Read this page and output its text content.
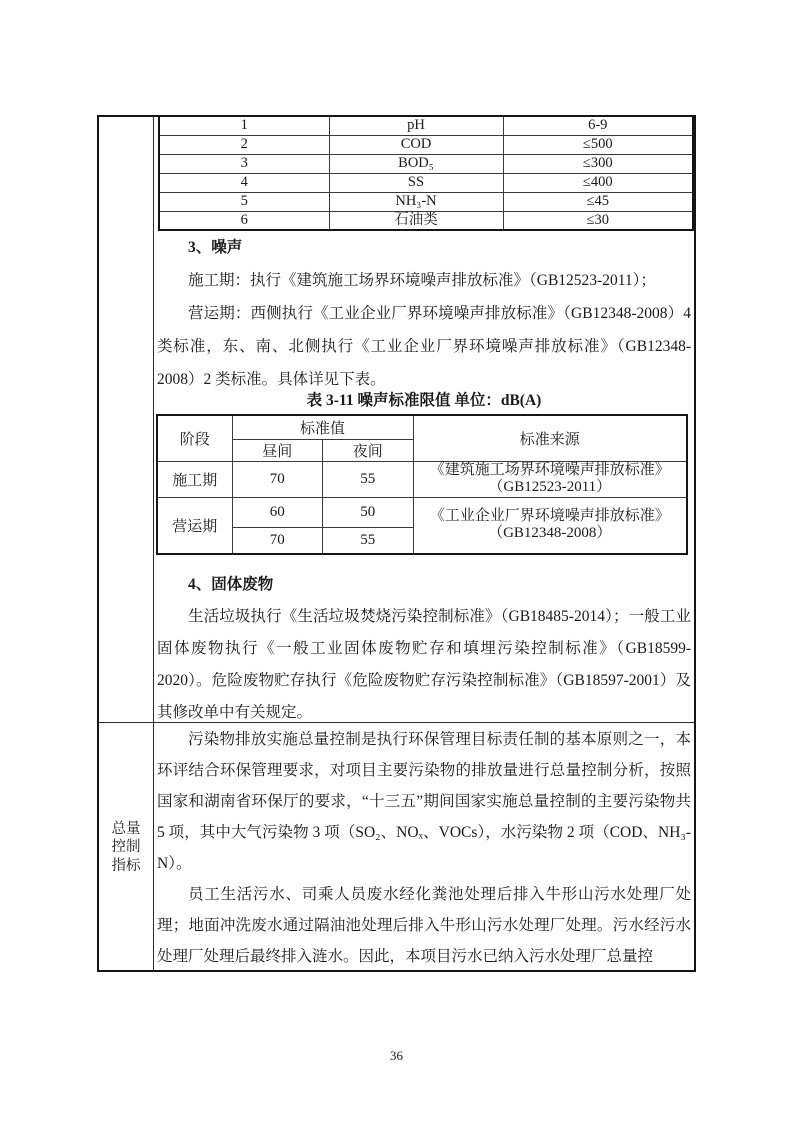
1	pH	6-9
2	COD	≤500
3	BOD₅	≤300
4	SS	≤400
5	NH₃-N	≤45
6	石油类	≤30
3、噪声
施工期：执行《建筑施工场界环境噪声排放标准》（GB12523-2011）；
营运期：西侧执行《工业企业厂界环境噪声排放标准》（GB12348-2008）4 类标准，东、南、北侧执行《工业企业厂界环境噪声排放标准》（GB12348-2008）2 类标准。具体详见下表。
表 3-11 噪声标准限值 单位：dB(A)
阶段	标准值		标准来源
	昼间	夜间	
施工期	70	55	《建筑施工场界环境噪声排放标准》（GB12523-2011）
营运期	60	50	《工业企业厂界环境噪声排放标准》（GB12348-2008）
	70	55	
4、固体废物
生活垃圾执行《生活垃圾焚烧污染控制标准》（GB18485-2014）；一般工业固体废物执行《一般工业固体废物贮存和填埋污染控制标准》（GB18599-2020）。危险废物贮存执行《危险废物贮存污染控制标准》（GB18597-2001）及其修改单中有关规定。
总量控制指标
污染物排放实施总量控制是执行环保管理目标责任制的基本原则之一，本环评结合环保管理要求，对项目主要污染物的排放量进行总量控制分析，按照国家和湖南省环保厅的要求，“十三五”期间国家实施总量控制的主要污染物共 5 项，其中大气污染物 3 项（SO₂、NOₓ、VOCs），水污染物 2 项（COD、NH₃-N）。
员工生活污水、司乘人员废水经化粪池处理后排入牛形山污水处理厂处理；地面冲洗废水通过隔油池处理后排入牛形山污水处理厂处理。污水经污水处理厂处理后最终排入涟水。因此，本项目污水已纳入污水处理厂总量控
36
